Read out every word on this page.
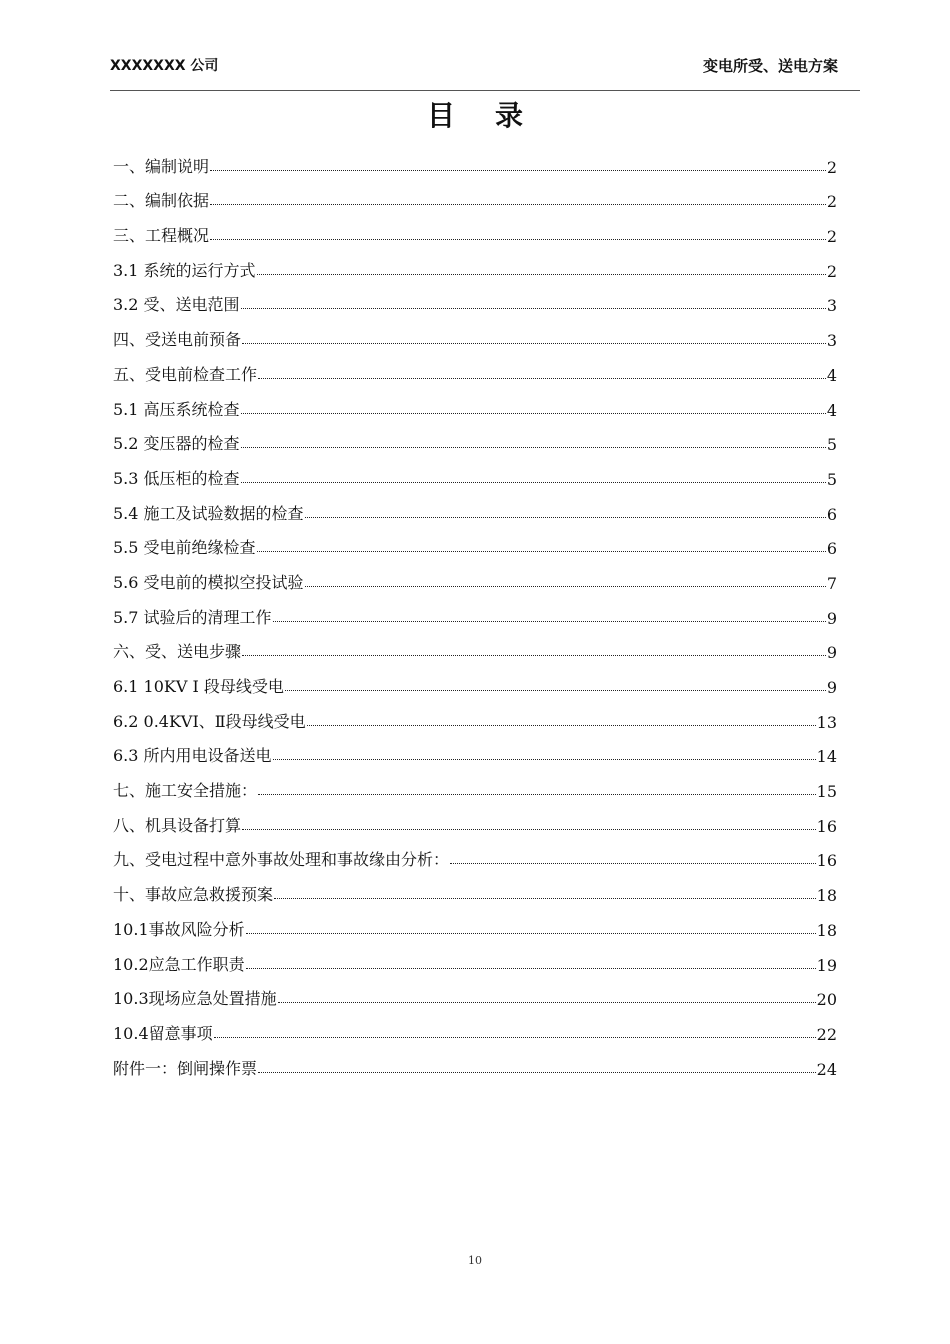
XXXXXXX 公司	变电所受、送电方案
目录
一、编制说明	2
二、编制依据	2
三、工程概况	2
3.1 系统的运行方式	2
3.2 受、送电范围	3
四、受送电前预备	3
五、受电前检查工作	4
5.1 高压系统检查	4
5.2 变压器的检查	5
5.3 低压柜的检查	5
5.4 施工及试验数据的检查	6
5.5 受电前绝缘检查	6
5.6 受电前的模拟空投试验	7
5.7 试验后的清理工作	9
六、受、送电步骤	9
6.1 10KV Ⅰ 段母线受电	9
6.2 0.4KVⅠ、Ⅱ段母线受电	13
6.3 所内用电设备送电	14
七、施工安全措施：	15
八、机具设备打算	16
九、受电过程中意外事故处理和事故缘由分析：	16
十、事故应急救援预案	18
10.1事故风险分析	18
10.2应急工作职责	19
10.3现场应急处置措施	20
10.4留意事项	22
附件一：倒闸操作票	24
10
